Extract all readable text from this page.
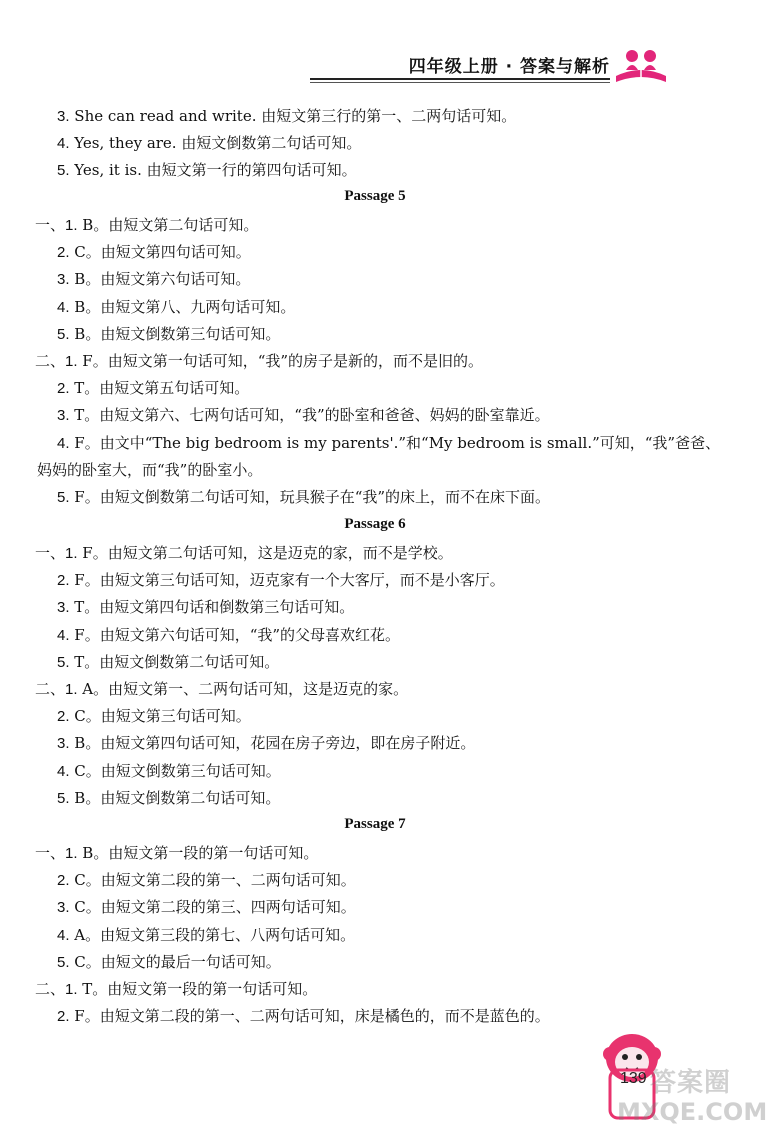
四年级上册 · 答案与解析
3. She can read and write. 由短文第三行的第一、二两句话可知。
4. Yes, they are. 由短文倒数第二句话可知。
5. Yes, it is. 由短文第一行的第四句话可知。
Passage 5
一、1. B。由短文第二句话可知。
2. C。由短文第四句话可知。
3. B。由短文第六句话可知。
4. B。由短文第八、九两句话可知。
5. B。由短文倒数第三句话可知。
二、1. F。由短文第一句话可知，“我”的房子是新的，而不是旧的。
2. T。由短文第五句话可知。
3. T。由短文第六、七两句话可知，“我”的卧室和爸爸、妈妈的卧室靠近。
4. F。由文中“The big bedroom is my parents'.”和“My bedroom is small.”可知，“我”爸爸、
妈妈的卧室大，而“我”的卧室小。
5. F。由短文倒数第二句话可知，玩具猴子在“我”的床上，而不在床下面。
Passage 6
一、1. F。由短文第二句话可知，这是迈克的家，而不是学校。
2. F。由短文第三句话可知，迈克家有一个大客厅，而不是小客厅。
3. T。由短文第四句话和倒数第三句话可知。
4. F。由短文第六句话可知，“我”的父母喜欢红花。
5. T。由短文倒数第二句话可知。
二、1. A。由短文第一、二两句话可知，这是迈克的家。
2. C。由短文第三句话可知。
3. B。由短文第四句话可知，花园在房子旁边，即在房子附近。
4. C。由短文倒数第三句话可知。
5. B。由短文倒数第二句话可知。
Passage 7
一、1. B。由短文第一段的第一句话可知。
2. C。由短文第二段的第一、二两句话可知。
3. C。由短文第二段的第三、四两句话可知。
4. A。由短文第三段的第七、八两句话可知。
5. C。由短文的最后一句话可知。
二、1. T。由短文第一段的第一句话可知。
2. F。由短文第二段的第一、二两句话可知，床是橘色的，而不是蓝色的。
139 答案圈
MXQE.COM
